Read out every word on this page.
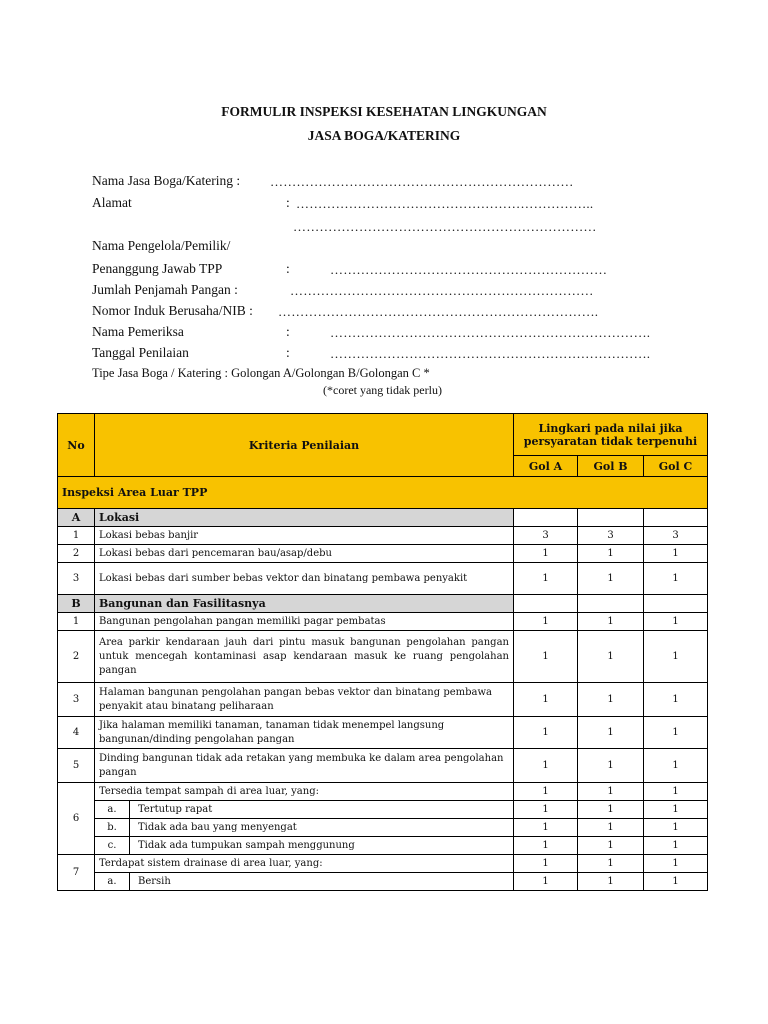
FORMULIR INSPEKSI KESEHATAN LINGKUNGAN
JASA BOGA/KATERING
Nama Jasa Boga/Katering : ……………………………………………………………
Alamat	: …………………………………………………………..
……………………………………………………………
Nama Pengelola/Pemilik/
Penanggung Jawab TPP	:	………………………………………………………
Jumlah Penjamah Pangan :	……………………………………………………………
Nomor Induk Berusaha/NIB : ……………………………………………………………….
Nama Pemeriksa	:	……………………………………………………………….
Tanggal Penilaian	:	……………………………………………………………….
Tipe Jasa Boga / Katering : Golongan A/Golongan B/Golongan C *
(*coret yang tidak perlu)
No	Kriteria Penilaian		Lingkari pada nilai jika persyaratan tidak terpenuhi		
			Gol A	Gol B	Gol C
Inspeksi Area Luar TPP					
A	Lokasi				
1	Lokasi bebas banjir		3	3	3
2	Lokasi bebas dari pencemaran bau/asap/debu		1	1	1
3	Lokasi bebas dari sumber bebas vektor dan binatang pembawa penyakit		1	1	1
B	Bangunan dan Fasilitasnya				
1	Bangunan pengolahan pangan memiliki pagar pembatas		1	1	1
2	Area parkir kendaraan jauh dari pintu masuk bangunan pengolahan pangan untuk mencegah kontaminasi asap kendaraan masuk ke ruang pengolahan pangan		1	1	1
3	Halaman bangunan pengolahan pangan bebas vektor dan binatang pembawa penyakit atau binatang peliharaan		1	1	1
4	Jika halaman memiliki tanaman, tanaman tidak menempel langsung bangunan/dinding pengolahan pangan		1	1	1
5	Dinding bangunan tidak ada retakan yang membuka ke dalam area pengolahan pangan		1	1	1
6	Tersedia tempat sampah di area luar, yang:		1	1	1
	a.	Tertutup rapat	1	1	1
	b.	Tidak ada bau yang menyengat	1	1	1
	c.	Tidak ada tumpukan sampah menggunung	1	1	1
7	Terdapat sistem drainase di area luar, yang:		1	1	1
	a.	Bersih	1	1	1
